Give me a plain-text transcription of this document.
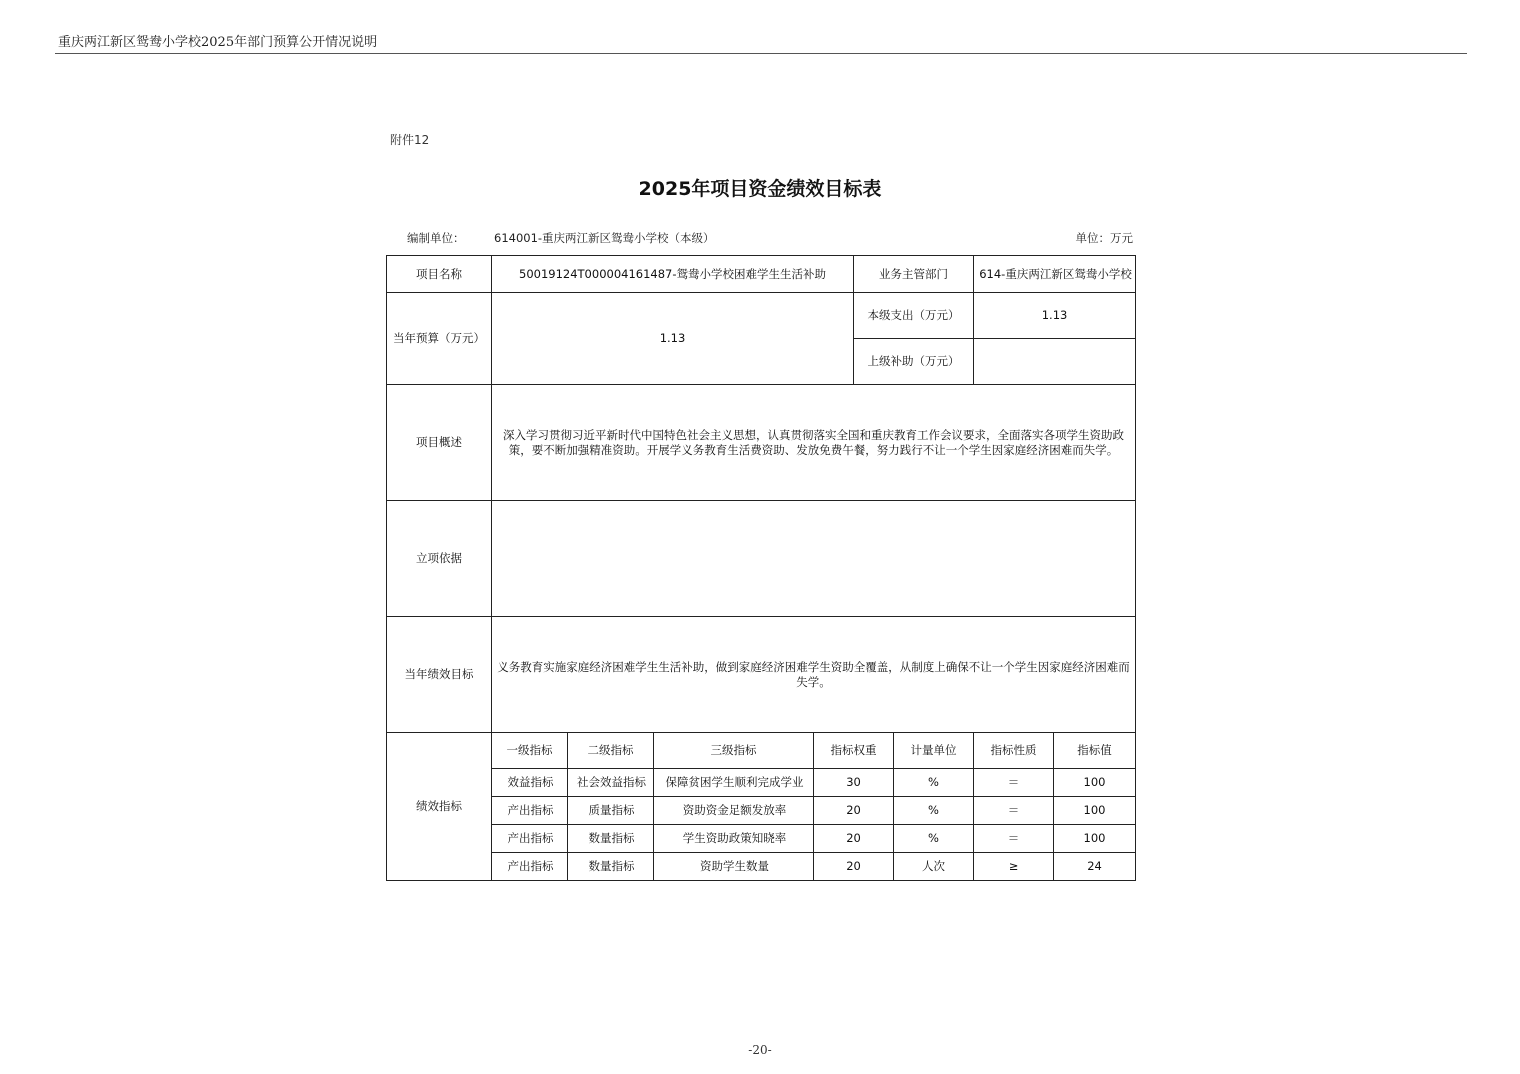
重庆两江新区鸳鸯小学校2025年部门预算公开情况说明
附件12
2025年项目资金绩效目标表
编制单位：	614001-重庆两江新区鸳鸯小学校（本级）	单位：万元
项目名称	50019124T000004161487-鸳鸯小学校困难学生生活补助				业务主管部门		614-重庆两江新区鸳鸯小学校	
当年预算（万元）	1.13				本级支出（万元）		1.13	
					上级补助（万元）			
项目概述	深入学习贯彻习近平新时代中国特色社会主义思想，认真贯彻落实全国和重庆教育工作会议要求，全面落实各项学生资助政策，要不断加强精准资助。开展学义务教育生活费资助、发放免费午餐，努力践行不让一个学生因家庭经济困难而失学。							
立项依据								
当年绩效目标	义务教育实施家庭经济困难学生生活补助，做到家庭经济困难学生资助全覆盖，从制度上确保不让一个学生因家庭经济困难而失学。							
绩效指标	一级指标	二级指标	三级指标	指标权重		计量单位	指标性质	指标值
	效益指标	社会效益指标	保障贫困学生顺利完成学业	30		%	＝	100
	产出指标	质量指标	资助资金足额发放率	20		%	＝	100
	产出指标	数量指标	学生资助政策知晓率	20		%	＝	100
	产出指标	数量指标	资助学生数量	20		人次	≥	24
-20-
